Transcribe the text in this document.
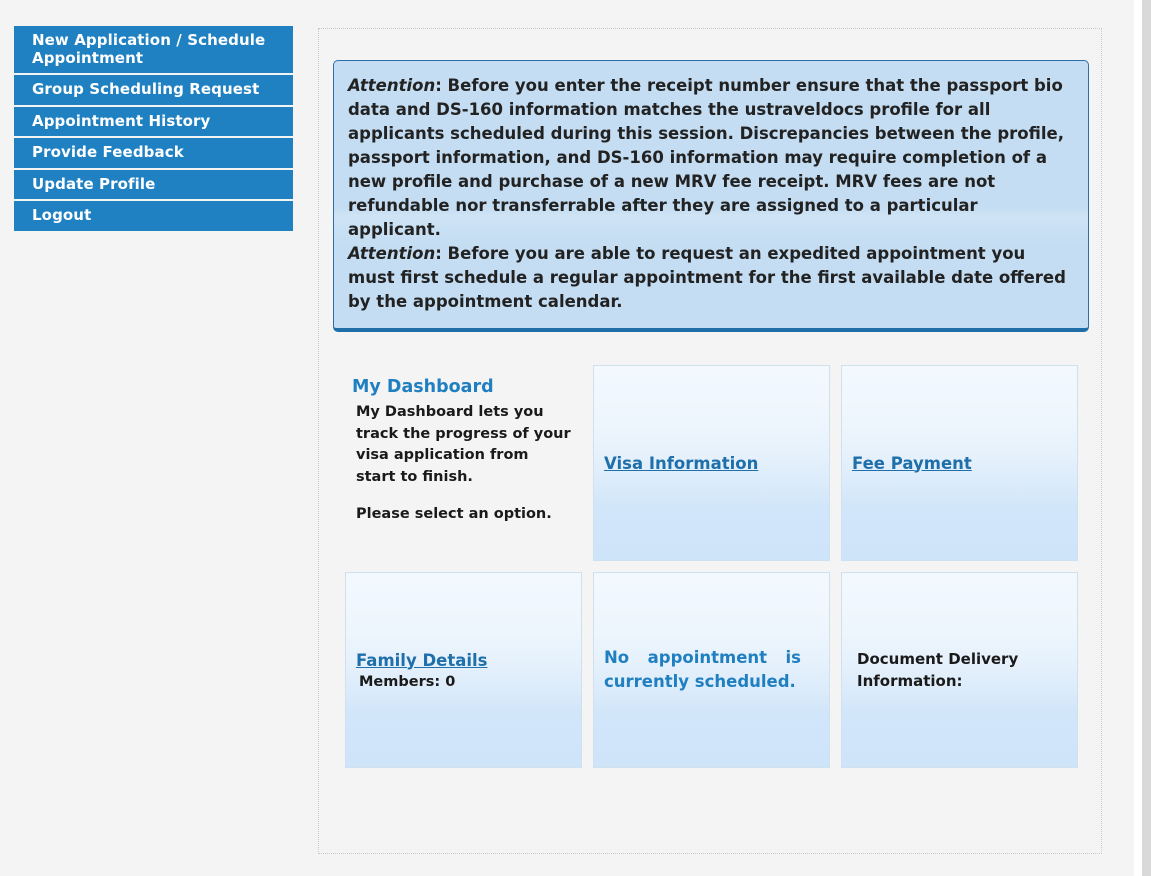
New Application / Schedule Appointment
Group Scheduling Request
Appointment History
Provide Feedback
Update Profile
Logout

Attention: Before you enter the receipt number ensure that the passport bio data and DS-160 information matches the ustraveldocs profile for all applicants scheduled during this session. Discrepancies between the profile, passport information, and DS-160 information may require completion of a new profile and purchase of a new MRV fee receipt. MRV fees are not refundable nor transferrable after they are assigned to a particular applicant.

Attention: Before you are able to request an expedited appointment you must first schedule a regular appointment for the first available date offered by the appointment calendar.

My Dashboard
My Dashboard lets you track the progress of your visa application from start to finish.
Please select an option.
Visa Information	Fee Payment
Family Details
Members: 0
No appointment is currently scheduled.
Document Delivery Information:
